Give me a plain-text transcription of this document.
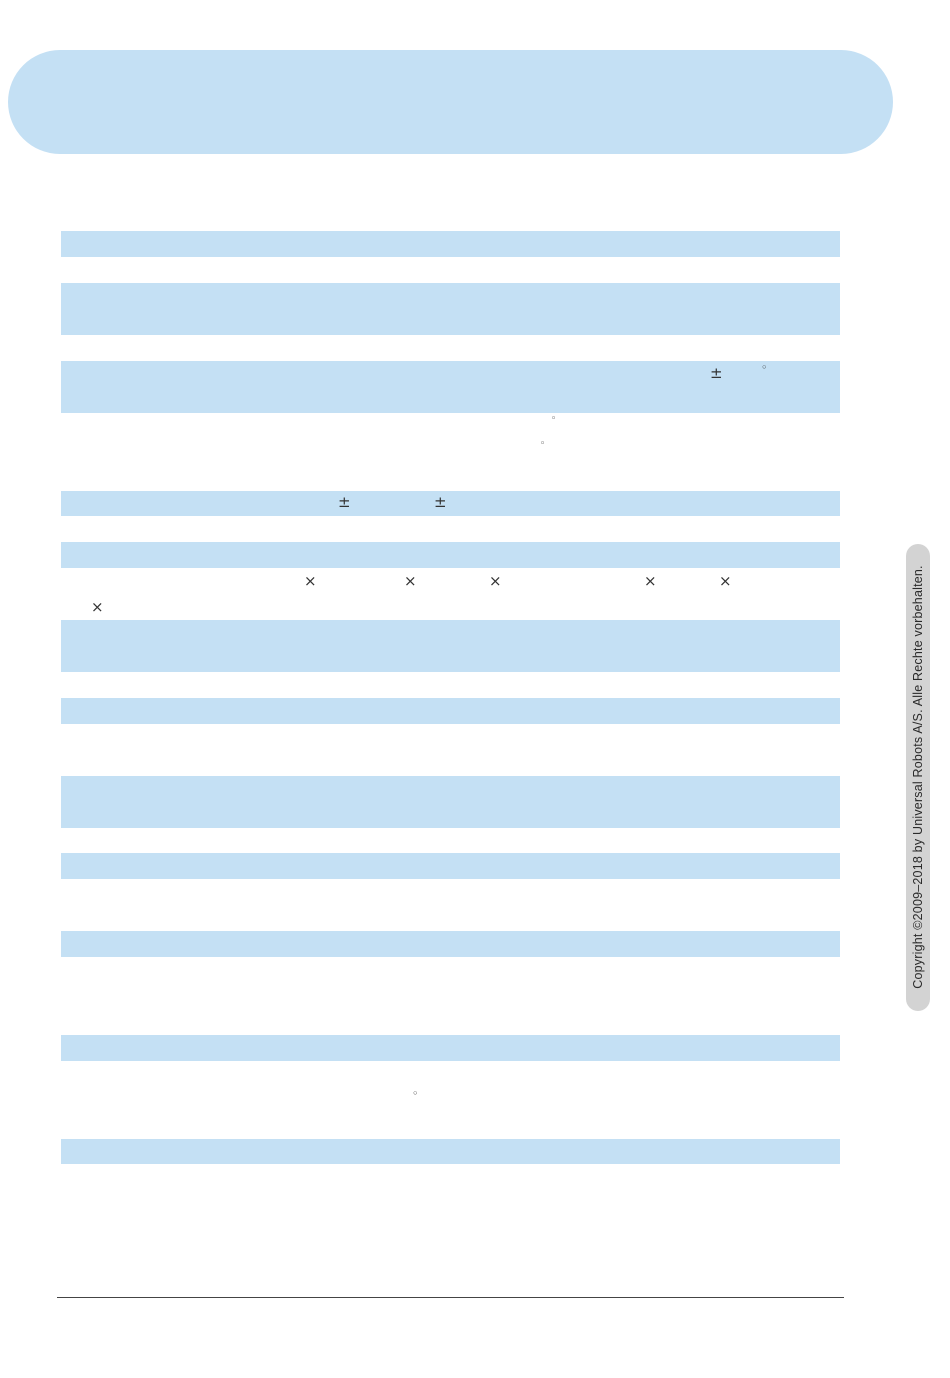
±	◦
◦
◦
±	±
×	×	×	×	×
×
◦
Copyright ©2009–2018 by Universal Robots A/S. Alle Rechte vorbehalten.
